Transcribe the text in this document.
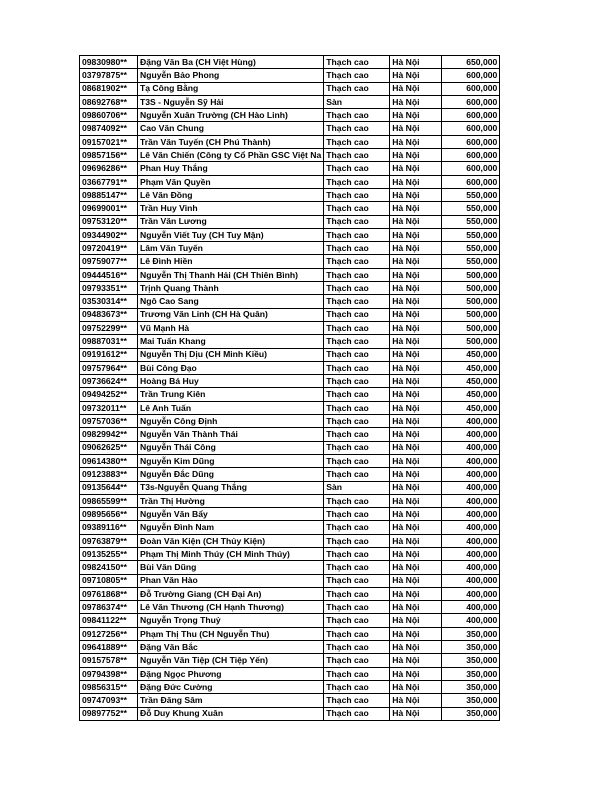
09830980**	Đặng Văn Ba (CH Việt Hùng)	Thạch cao	Hà Nội	650,000
03797875**	Nguyễn Bảo Phong	Thạch cao	Hà Nội	600,000
08681902**	Tạ Công Bằng	Thạch cao	Hà Nội	600,000
08692768**	T3S - Nguyễn Sỹ Hải	Sàn	Hà Nội	600,000
09860706**	Nguyễn Xuân Trường (CH Hào Linh)	Thạch cao	Hà Nội	600,000
09874092**	Cao Văn Chung	Thạch cao	Hà Nội	600,000
09157021**	Trần Văn Tuyến (CH Phú Thành)	Thạch cao	Hà Nội	600,000
09857156**	Lê Văn Chiến (Công ty Cổ Phần GSC Việt Na	Thạch cao	Hà Nội	600,000
09696286**	Phan Huy Thắng	Thạch cao	Hà Nội	600,000
03667791**	Phạm Văn Quyền	Thạch cao	Hà Nội	600,000
09885147**	Lê Văn Đồng	Thạch cao	Hà Nội	550,000
09699001**	Trần Huy Vinh	Thạch cao	Hà Nội	550,000
09753120**	Trần Văn Lương	Thạch cao	Hà Nội	550,000
09344902**	Nguyễn Viết Tuy (CH Tuy Mận)	Thạch cao	Hà Nội	550,000
09720419**	Lâm Văn Tuyến	Thạch cao	Hà Nội	550,000
09759077**	Lê Đình Hiền	Thạch cao	Hà Nội	550,000
09444516**	Nguyễn Thị Thanh Hải (CH Thiên Bình)	Thạch cao	Hà Nội	500,000
09793351**	Trịnh Quang Thành	Thạch cao	Hà Nội	500,000
03530314**	Ngô Cao Sang	Thạch cao	Hà Nội	500,000
09483673**	Trương Văn Linh (CH Hà Quân)	Thạch cao	Hà Nội	500,000
09752299**	Vũ Mạnh Hà	Thạch cao	Hà Nội	500,000
09887031**	Mai Tuấn Khang	Thạch cao	Hà Nội	500,000
09191612**	Nguyễn Thị Dịu (CH Minh Kiều)	Thạch cao	Hà Nội	450,000
09757964**	Bùi Công Đạo	Thạch cao	Hà Nội	450,000
09736624**	Hoàng Bá Huy	Thạch cao	Hà Nội	450,000
09494252**	Trần Trung Kiên	Thạch cao	Hà Nội	450,000
09732011**	Lê Anh Tuấn	Thạch cao	Hà Nội	450,000
09757036**	Nguyễn Công Định	Thạch cao	Hà Nội	400,000
09829942**	Nguyễn Văn Thành Thái	Thạch cao	Hà Nội	400,000
09062625**	Nguyễn Thái Công	Thạch cao	Hà Nội	400,000
09614380**	Nguyễn Kim Dũng	Thạch cao	Hà Nội	400,000
09123883**	Nguyễn Đắc Dũng	Thạch cao	Hà Nội	400,000
09135644**	T3s-Nguyễn Quang Thắng	Sàn	Hà Nội	400,000
09865599**	Trần Thị Hường	Thạch cao	Hà Nội	400,000
09895656**	Nguyễn Văn Bẩy	Thạch cao	Hà Nội	400,000
09389116**	Nguyễn Đình Nam	Thạch cao	Hà Nội	400,000
09763879**	Đoàn Văn Kiện (CH Thủy Kiện)	Thạch cao	Hà Nội	400,000
09135255**	Phạm Thị Minh Thúy (CH Minh Thúy)	Thạch cao	Hà Nội	400,000
09824150**	Bùi Văn Dũng	Thạch cao	Hà Nội	400,000
09710805**	Phan Văn Hào	Thạch cao	Hà Nội	400,000
09761868**	Đỗ Trường Giang (CH Đại An)	Thạch cao	Hà Nội	400,000
09786374**	Lê Văn Thương (CH Hạnh Thương)	Thạch cao	Hà Nội	400,000
09841122**	Nguyễn Trọng Thuỷ	Thạch cao	Hà Nội	400,000
09127256**	Phạm Thị Thu (CH Nguyễn Thu)	Thạch cao	Hà Nội	350,000
09641889**	Đặng Văn Bắc	Thạch cao	Hà Nội	350,000
09157578**	Nguyễn Văn Tiệp (CH Tiệp Yến)	Thạch cao	Hà Nội	350,000
09794398**	Đặng Ngọc Phương	Thạch cao	Hà Nội	350,000
09856315**	Đặng Đức Cường	Thạch cao	Hà Nội	350,000
09747093**	Trần Đăng Sâm	Thạch cao	Hà Nội	350,000
09897752**	Đỗ Duy Khung Xuân	Thạch cao	Hà Nội	350,000
